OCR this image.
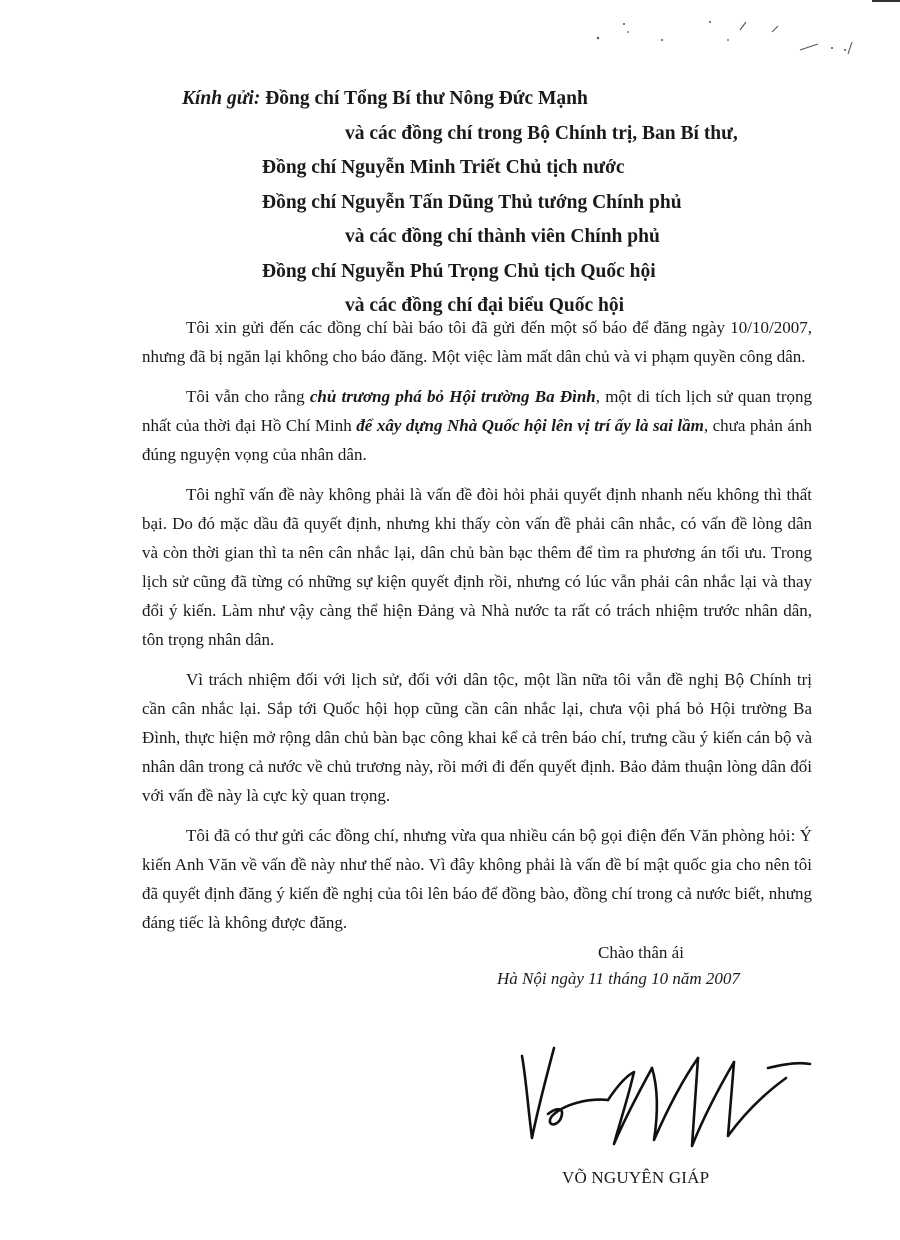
Kính gửi: Đồng chí Tổng Bí thư Nông Đức Mạnh
và các đồng chí trong Bộ Chính trị, Ban Bí thư,
Đồng chí Nguyễn Minh Triết Chủ tịch nước
Đồng chí Nguyễn Tấn Dũng Thủ tướng Chính phủ
và các đồng chí thành viên Chính phủ
Đồng chí Nguyễn Phú Trọng Chủ tịch Quốc hội
và các đồng chí đại biểu Quốc hội

Tôi xin gửi đến các đồng chí bài báo tôi đã gửi đến một số báo để đăng ngày 10/10/2007, nhưng đã bị ngăn lại không cho báo đăng. Một việc làm mất dân chủ và vi phạm quyền công dân.

Tôi vẫn cho rằng chủ trương phá bỏ Hội trường Ba Đình, một di tích lịch sử quan trọng nhất của thời đại Hồ Chí Minh để xây dựng Nhà Quốc hội lên vị trí ấy là sai lầm, chưa phản ánh đúng nguyện vọng của nhân dân.

Tôi nghĩ vấn đề này không phải là vấn đề đòi hỏi phải quyết định nhanh nếu không thì thất bại. Do đó mặc dầu đã quyết định, nhưng khi thấy còn vấn đề phải cân nhắc, có vấn đề lòng dân và còn thời gian thì ta nên cân nhắc lại, dân chủ bàn bạc thêm để tìm ra phương án tối ưu. Trong lịch sử cũng đã từng có những sự kiện quyết định rồi, nhưng có lúc vẫn phải cân nhắc lại và thay đổi ý kiến. Làm như vậy càng thể hiện Đảng và Nhà nước ta rất có trách nhiệm trước nhân dân, tôn trọng nhân dân.

Vì trách nhiệm đối với lịch sử, đối với dân tộc, một lần nữa tôi vẫn đề nghị Bộ Chính trị cần cân nhắc lại. Sắp tới Quốc hội họp cũng cần cân nhắc lại, chưa vội phá bỏ Hội trường Ba Đình, thực hiện mở rộng dân chủ bàn bạc công khai kể cả trên báo chí, trưng cầu ý kiến cán bộ và nhân dân trong cả nước về chủ trương này, rồi mới đi đến quyết định. Bảo đảm thuận lòng dân đối với vấn đề này là cực kỳ quan trọng.

Tôi đã có thư gửi các đồng chí, nhưng vừa qua nhiều cán bộ gọi điện đến Văn phòng hỏi: Ý kiến Anh Văn về vấn đề này như thế nào. Vì đây không phải là vấn đề bí mật quốc gia cho nên tôi đã quyết định đăng ý kiến đề nghị của tôi lên báo để đồng bào, đồng chí trong cả nước biết, nhưng đáng tiếc là không được đăng.

Chào thân ái
Hà Nội ngày 11 tháng 10 năm 2007
VÕ NGUYÊN GIÁP
